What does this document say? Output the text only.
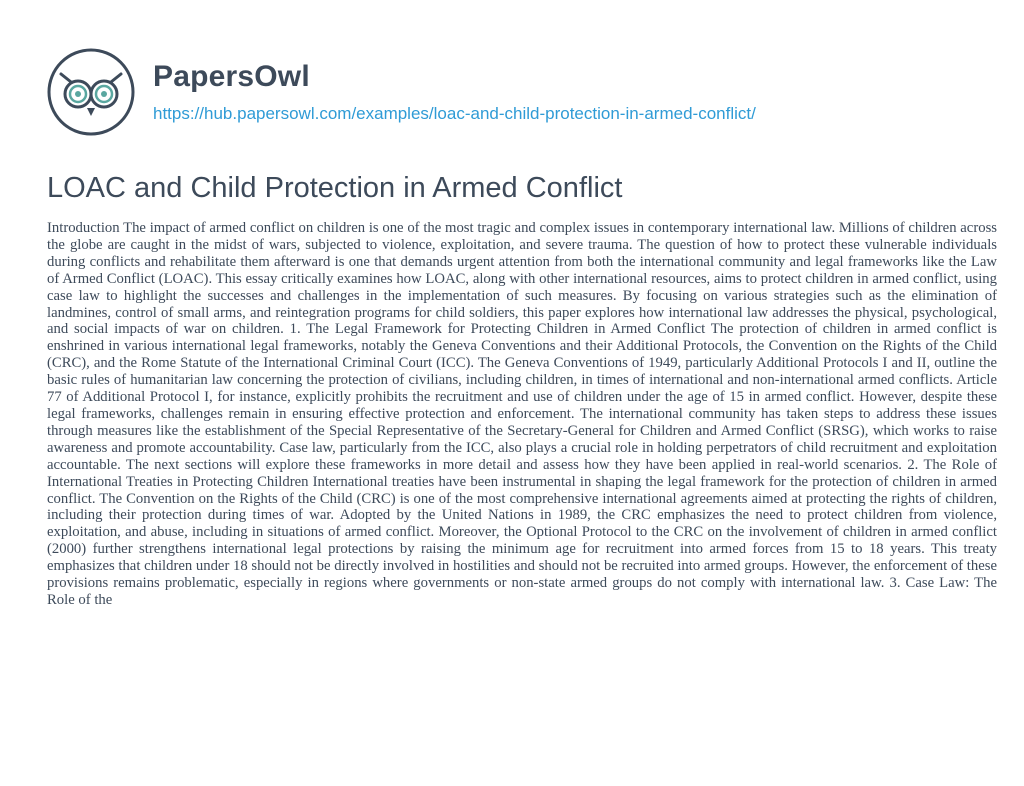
PapersOwl
https://hub.papersowl.com/examples/loac-and-child-protection-in-armed-conflict/
LOAC and Child Protection in Armed Conflict

Introduction The impact of armed conflict on children is one of the most tragic and complex issues in contemporary international law. Millions of children across the globe are caught in the midst of wars, subjected to violence, exploitation, and severe trauma. The question of how to protect these vulnerable individuals during conflicts and rehabilitate them afterward is one that demands urgent attention from both the international community and legal frameworks like the Law of Armed Conflict (LOAC). This essay critically examines how LOAC, along with other international resources, aims to protect children in armed conflict, using case law to highlight the successes and challenges in the implementation of such measures. By focusing on various strategies such as the elimination of landmines, control of small arms, and reintegration programs for child soldiers, this paper explores how international law addresses the physical, psychological, and social impacts of war on children. 1. The Legal Framework for Protecting Children in Armed Conflict The protection of children in armed conflict is enshrined in various international legal frameworks, notably the Geneva Conventions and their Additional Protocols, the Convention on the Rights of the Child (CRC), and the Rome Statute of the International Criminal Court (ICC). The Geneva Conventions of 1949, particularly Additional Protocols I and II, outline the basic rules of humanitarian law concerning the protection of civilians, including children, in times of international and non-international armed conflicts. Article 77 of Additional Protocol I, for instance, explicitly prohibits the recruitment and use of children under the age of 15 in armed conflict. However, despite these legal frameworks, challenges remain in ensuring effective protection and enforcement. The international community has taken steps to address these issues through measures like the establishment of the Special Representative of the Secretary-General for Children and Armed Conflict (SRSG), which works to raise awareness and promote accountability. Case law, particularly from the ICC, also plays a crucial role in holding perpetrators of child recruitment and exploitation accountable. The next sections will explore these frameworks in more detail and assess how they have been applied in real-world scenarios. 2. The Role of International Treaties in Protecting Children International treaties have been instrumental in shaping the legal framework for the protection of children in armed conflict. The Convention on the Rights of the Child (CRC) is one of the most comprehensive international agreements aimed at protecting the rights of children, including their protection during times of war. Adopted by the United Nations in 1989, the CRC emphasizes the need to protect children from violence, exploitation, and abuse, including in situations of armed conflict. Moreover, the Optional Protocol to the CRC on the involvement of children in armed conflict (2000) further strengthens international legal protections by raising the minimum age for recruitment into armed forces from 15 to 18 years. This treaty emphasizes that children under 18 should not be directly involved in hostilities and should not be recruited into armed groups. However, the enforcement of these provisions remains problematic, especially in regions where governments or non-state armed groups do not comply with international law. 3. Case Law: The Role of the
